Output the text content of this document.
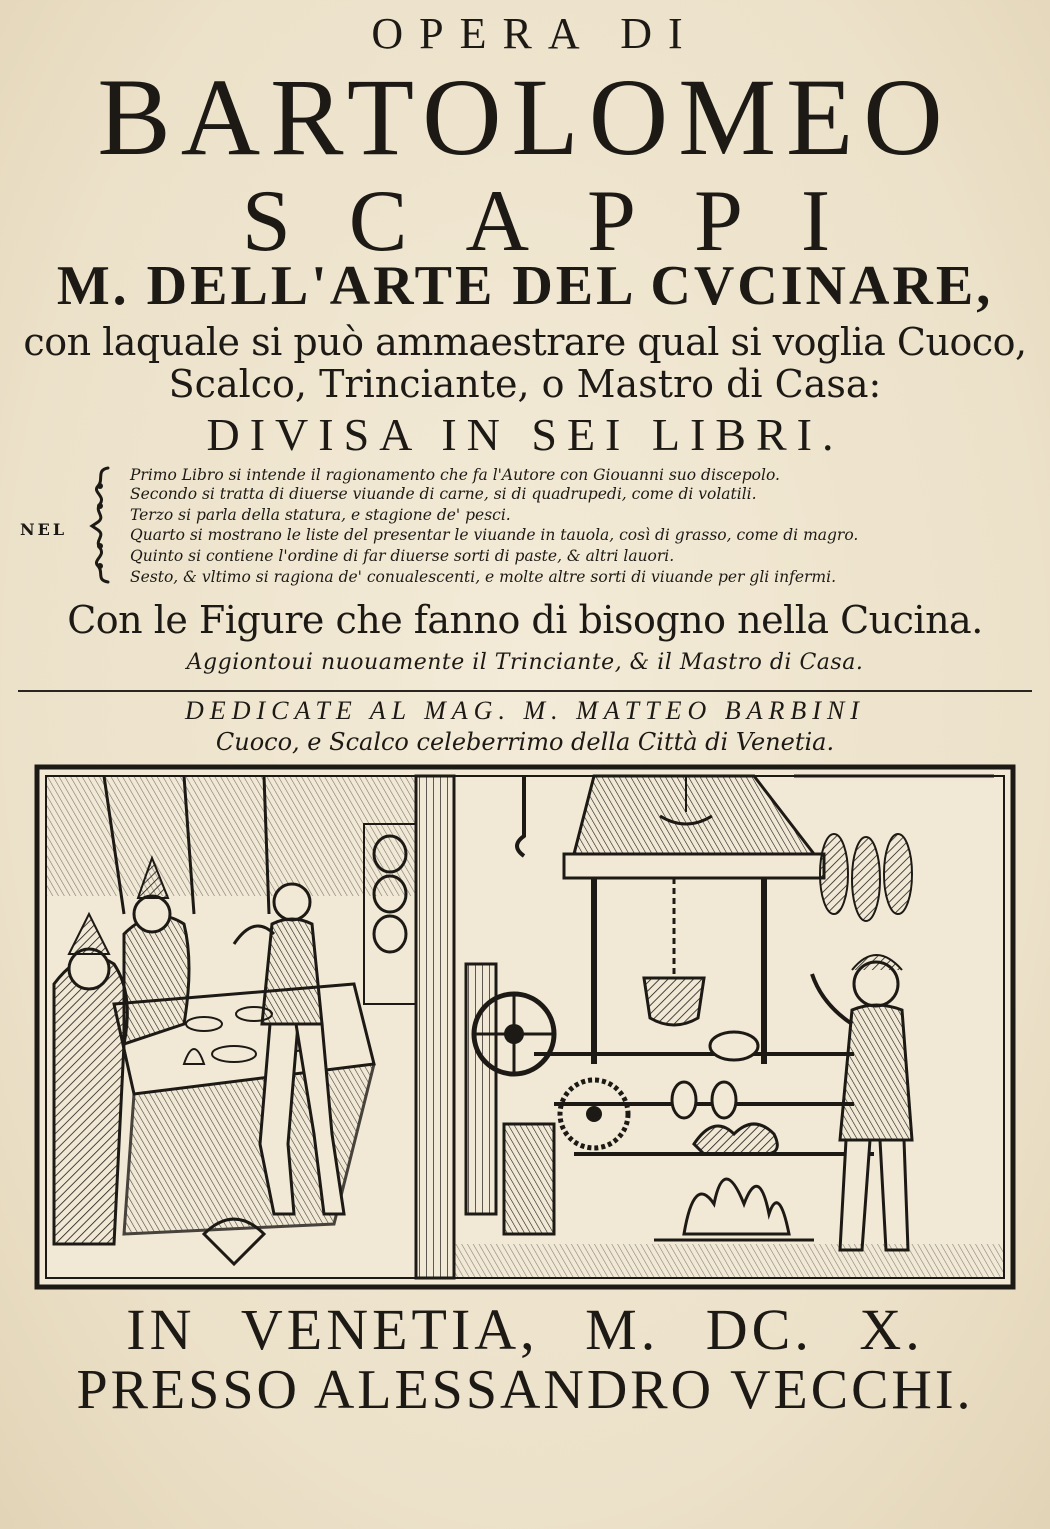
OPERA DI
BARTOLOMEO
SCAPPI
M. DELL'ARTE DEL CVCINARE,
con laquale si può ammaestrare qual si voglia Cuoco,
Scalco, Trinciante, o Mastro di Casa:
DIVISA IN SEI LIBRI.
NEL
Primo Libro si intende il ragionamento che fa l'Autore con Giouanni suo discepolo.
Secondo si tratta di diuerse viuande di carne, si di quadrupedi, come di volatili.
Terzo si parla della statura, e stagione de' pesci.
Quarto si mostrano le liste del presentar le viuande in tauola, così di grasso, come di magro.
Quinto si contiene l'ordine di far diuerse sorti di paste, & altri lauori.
Sesto, & vltimo si ragiona de' conualescenti, e molte altre sorti di viuande per gli infermi.
Con le Figure che fanno di bisogno nella Cucina.
Aggiontoui nuouamente il Trinciante, & il Mastro di Casa.
DEDICATE AL MAG. M. MATTEO BARBINI
Cuoco, e Scalco celeberrimo della Città di Venetia.
IN VENETIA, M. DC. X.
PRESSO ALESSANDRO VECCHI.
